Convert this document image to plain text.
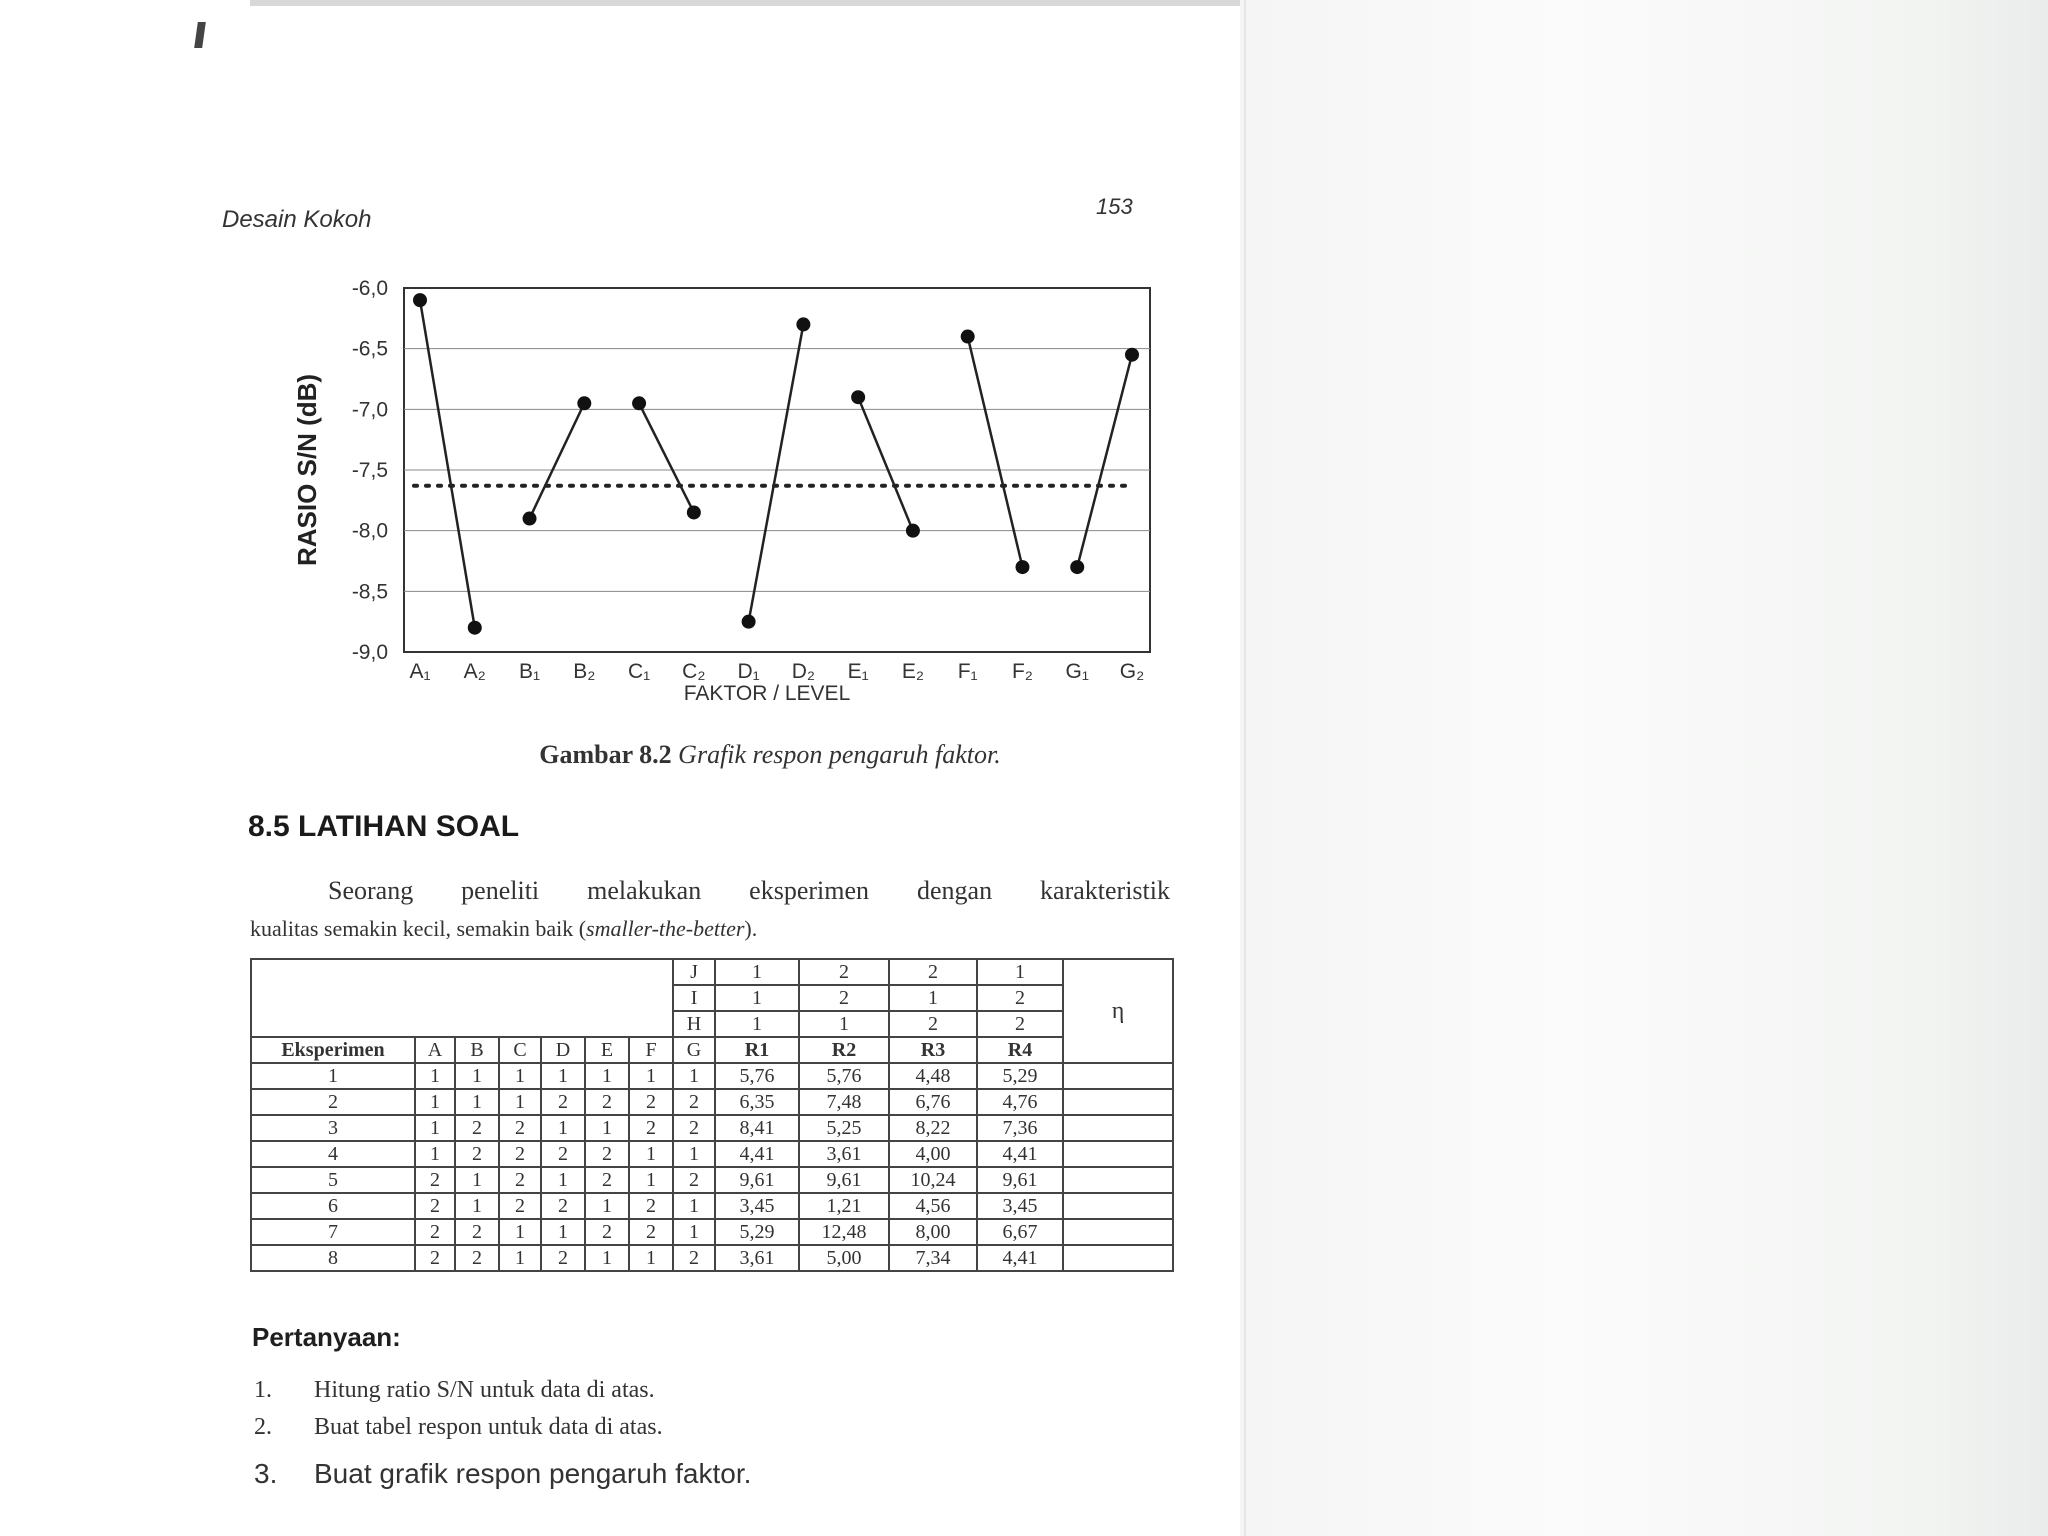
Desain Kokoh	153
-6,0
-6,5
-7,0
-7,5
-8,0
-8,5
-9,0
RASIO S/N (dB)
A₁ A₂ B₁ B₂ C₁ C₂ D₁ D₂ E₁ E₂ F₁ F₂ G₁ G₂
FAKTOR / LEVEL
Gambar 8.2 Grafik respon pengaruh faktor.
8.5 LATIHAN SOAL
Seorang peneliti melakukan eksperimen dengan karakteristik
kualitas semakin kecil, semakin baik (smaller-the-better).
							J	1	2	2	1	η
							I	1	2	1	2	
							H	1	1	2	2	
Eksperimen	A	B	C	D	E	F	G	R1	R2	R3	R4	
1	1	1	1	1	1	1	1	5,76	5,76	4,48	5,29	
2	1	1	1	2	2	2	2	6,35	7,48	6,76	4,76	
3	1	2	2	1	1	2	2	8,41	5,25	8,22	7,36	
4	1	2	2	2	2	1	1	4,41	3,61	4,00	4,41	
5	2	1	2	1	2	1	2	9,61	9,61	10,24	9,61	
6	2	1	2	2	1	2	1	3,45	1,21	4,56	3,45	
7	2	2	1	1	2	2	1	5,29	12,48	8,00	6,67	
8	2	2	1	2	1	1	2	3,61	5,00	7,34	4,41	
Pertanyaan:
1. Hitung ratio S/N untuk data di atas.
2. Buat tabel respon untuk data di atas.
3. Buat grafik respon pengaruh faktor.
